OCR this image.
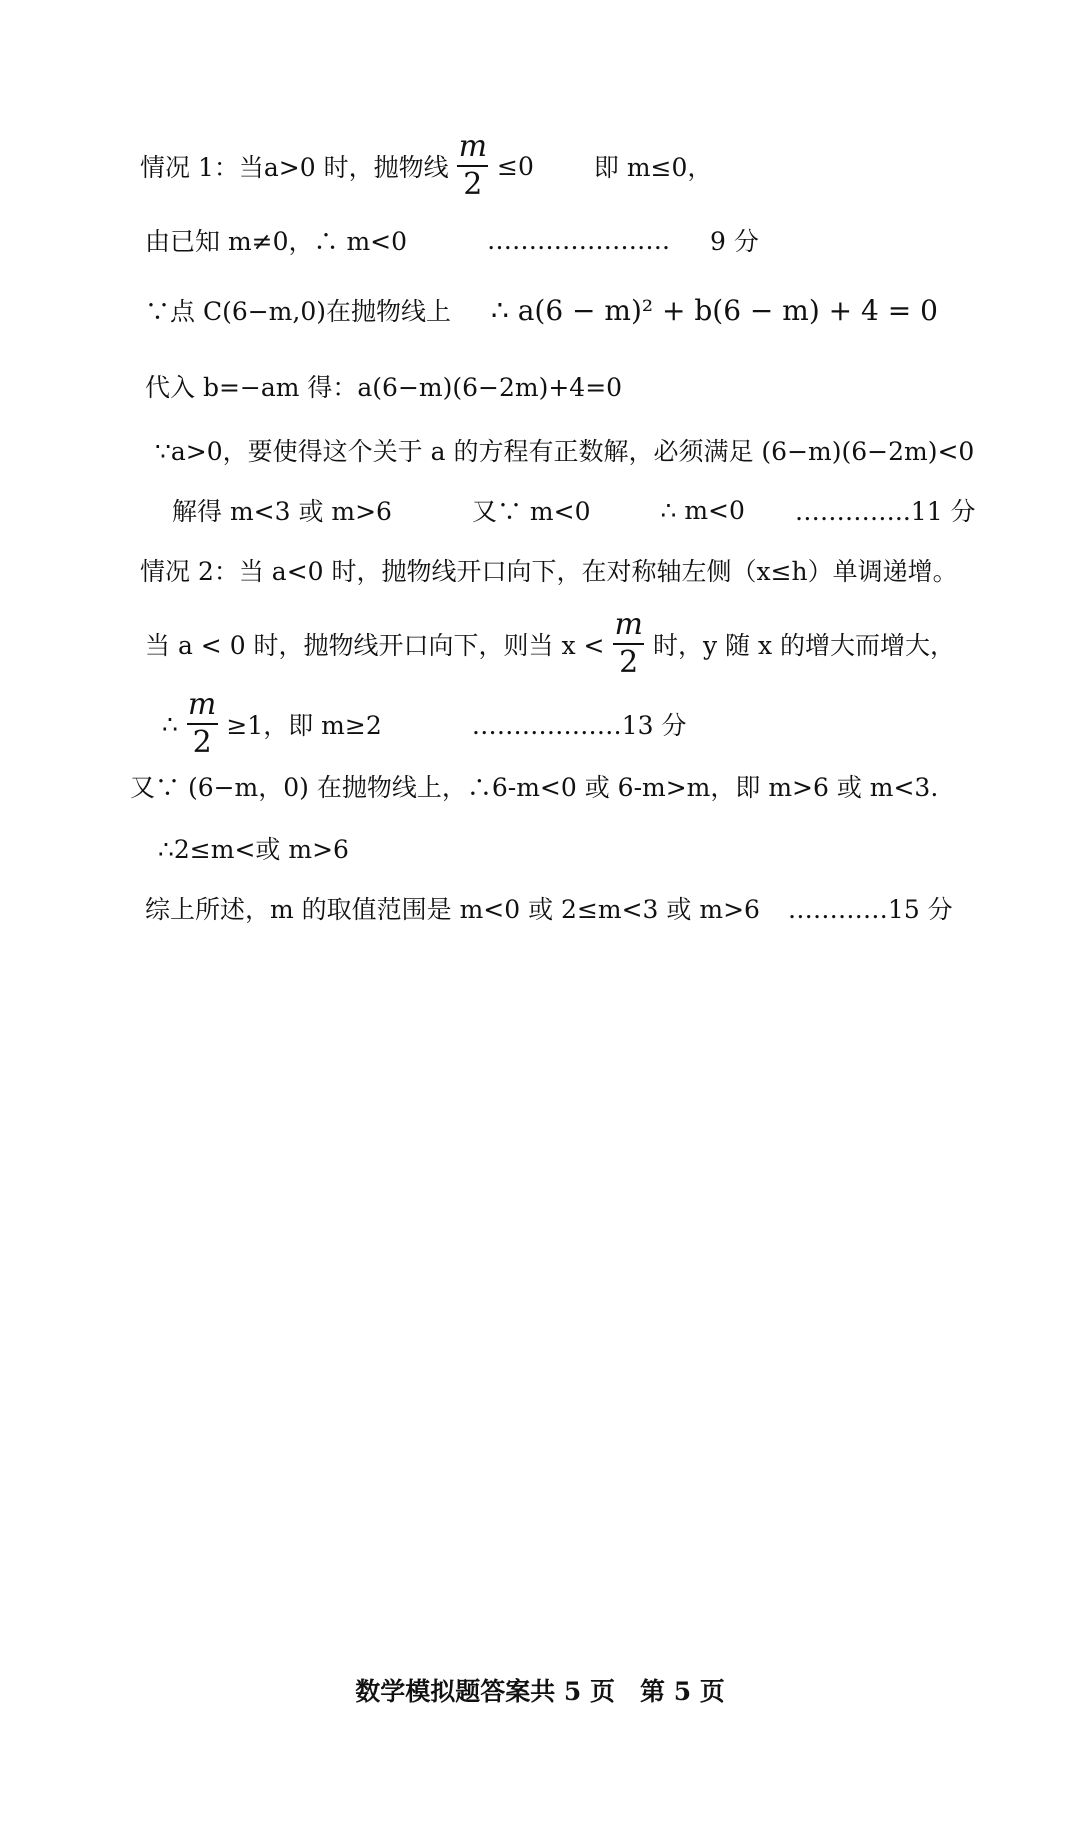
情况 1：当 a>0 时，抛物线 $\frac{m}{2} \le 0$ 即 m≤0，
由已知 m≠0，∴ m<0	…………………. 9 分
∵点 C(6−m,0)在抛物线上 ∴ a(6 − m)² + b(6 − m) + 4 = 0
代入 b=−am 得：a(6−m)(6−2m)+4=0
∵a>0，要使得这个关于 a 的方程有正数解，必须满足 (6−m)(6−2m)<0
解得 m<3 或 m>6	又∵ m<0	∴ m<0 …………..11 分
情况 2：当 a<0 时，抛物线开口向下，在对称轴左侧（x≤h）单调递增。
当 a < 0 时，抛物线开口向下，则当 $x < \frac{m}{2}$ 时，y 随 x 的增大而增大，
∴ $\frac{m}{2} \ge 1$，即 m≥2	………………13 分
又∵ (6−m，0) 在抛物线上，∴6-m<0 或 6-m>m，即 m>6 或 m<3.
∴2≤m<或 m>6
综上所述，m 的取值范围是 m<0 或 2≤m<3 或 m>6 …………15 分
数学模拟题答案共 5 页　第 5 页
